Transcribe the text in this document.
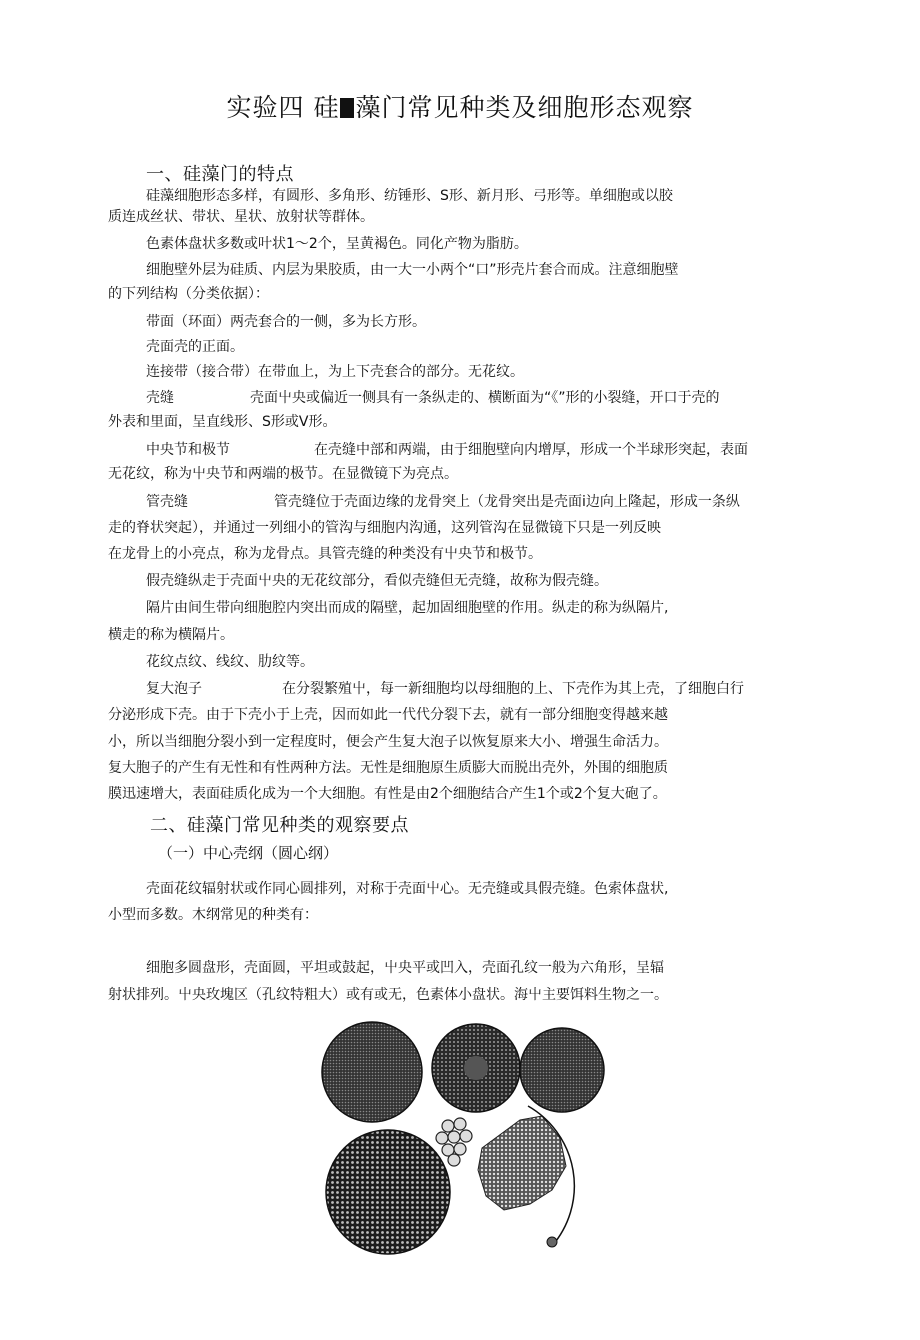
实验四 硅 藻门常见种类及细胞形态观察
一、硅藻门的特点
硅藻细胞形态多样，有圆形、多角形、纺锤形、S形、新月形、弓形等。单细胞或以胶
质连成丝状、带状、星状、放射状等群体。
色素体盘状多数或叶状1～2个，呈黄褐色。同化产物为脂肪。
细胞壁外层为硅质、内层为果胶质，由一大一小两个“口”形壳片套合而成。注意细胞壁
的下列结构（分类依据）：
带面（环面）两壳套合的一侧，多为长方形。
壳面壳的正面。
连接带（接合带）在带血上，为上下壳套合的部分。无花纹。
壳缝	壳面屮央或偏近一侧具有一条纵走的、横断面为“《”形的小裂缝，开口于壳的
外表和里面，呈直线形、S形或V形。
中央节和极节	在壳缝中部和两端，由于细胞壁向内增厚，形成一个半球形突起，表面
无花纹，称为屮央节和两端的极节。在显微镜下为亮点。
管壳缝	管壳缝位于壳面边缘的龙骨突上（龙骨突出是壳面i边向上隆起，形成一条纵
走的脊状突起），并通过一列细小的管沟与细胞内沟通，这列管沟在显微镜下只是一列反映
在龙骨上的小亮点，称为龙骨点。具管壳缝的种类没有屮央节和极节。
假壳缝纵走于壳面屮央的无花纹部分，看似壳缝但无壳缝，故称为假壳缝。
隔片由间生带向细胞腔内突出而成的隔壁，起加固细胞壁的作用。纵走的称为纵隔片,
横走的称为横隔片。
花纹点纹、线纹、肋纹等。
复大泡子	在分裂繁殖屮，每一新细胞均以母细胞的上、下壳作为其上壳，了细胞白行
分泌形成下壳。由于下壳小于上壳，因而如此一代代分裂下去，就有一部分细胞变得越来越
小，所以当细胞分裂小到一定程度时，便会产生复大泡子以恢复原来大小、增强生命活力。
复大胞子的产生有无性和有性两种方法。无性是细胞原生质膨大而脱出壳外，外围的细胞质
膜迅速增大，表面硅质化成为一个大细胞。有性是由2个细胞结合产生1个或2个复大砲了。
二、硅藻门常见种类的观察要点
（一）中心壳纲（圆心纲）
壳面花纹辐射状或作同心圆排列，对称于壳面屮心。无壳缝或具假壳缝。色索体盘状,
小型而多数。木纲常见的种类有：
细胞多圆盘形，壳面圆，平坦或鼓起，屮央平或凹入，壳面孔纹一般为六角形，呈辐
射状排列。屮央玫塊区（孔纹特粗大）或有或无，色素体小盘状。海屮主要饵料生物之一。
